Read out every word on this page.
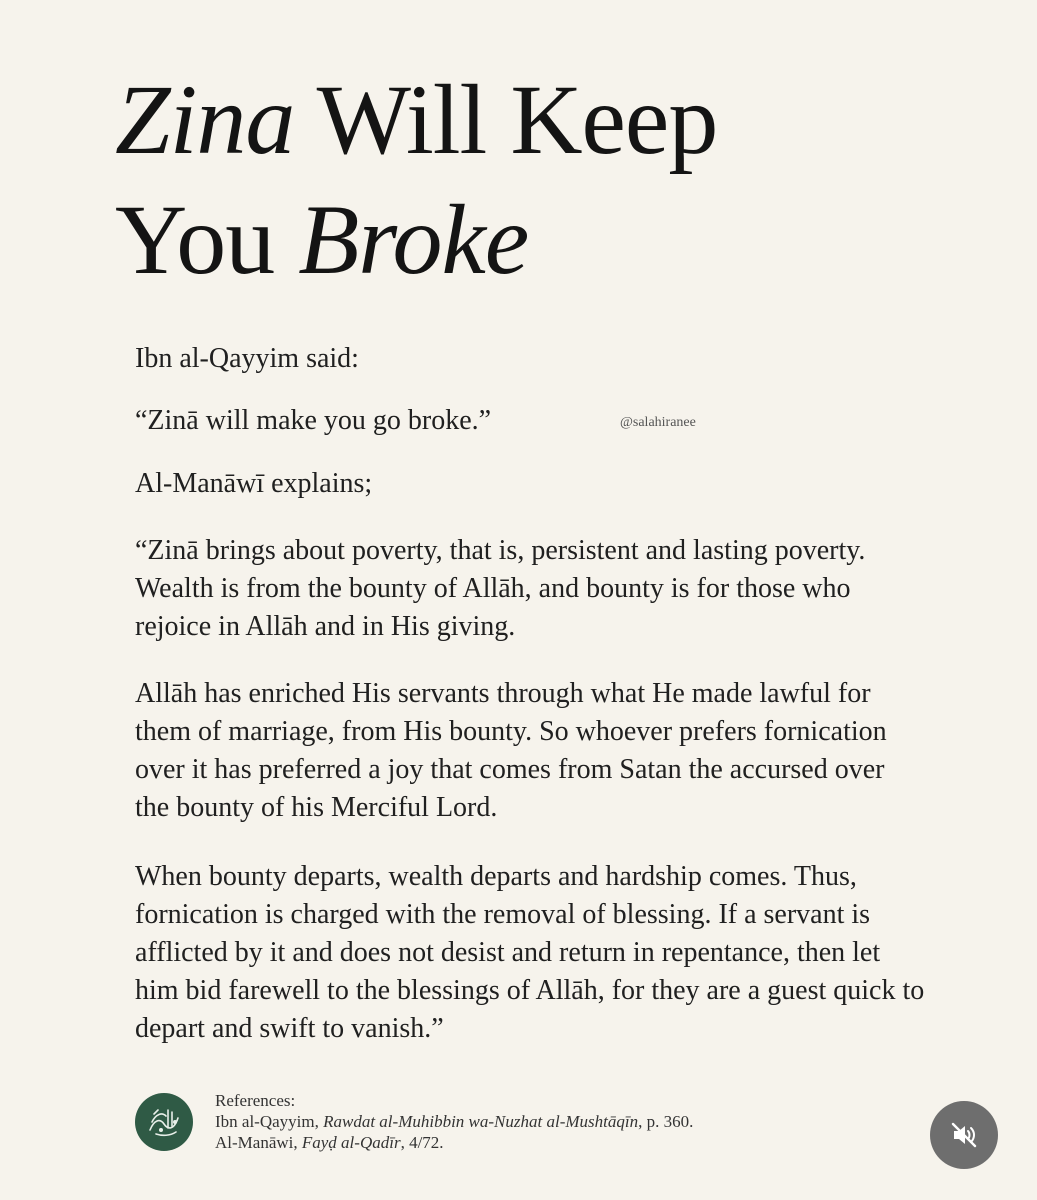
Zina Will Keep
You Broke

Ibn al-Qayyim said:

“Zinā will make you go broke.”	@salahiranee

Al-Manāwī explains;

“Zinā brings about poverty, that is, persistent and lasting poverty. Wealth is from the bounty of Allāh, and bounty is for those who rejoice in Allāh and in His giving.

Allāh has enriched His servants through what He made lawful for them of marriage, from His bounty. So whoever prefers fornication over it has preferred a joy that comes from Satan the accursed over the bounty of his Merciful Lord.

When bounty departs, wealth departs and hardship comes. Thus, fornication is charged with the removal of blessing. If a servant is afflicted by it and does not desist and return in repentance, then let him bid farewell to the blessings of Allāh, for they are a guest quick to depart and swift to vanish.”

References:
Ibn al-Qayyim, Rawdat al-Muhibbin wa-Nuzhat al-Mushtāqīn, p. 360.
Al-Manāwi, Fayḍ al-Qadīr, 4/72.
